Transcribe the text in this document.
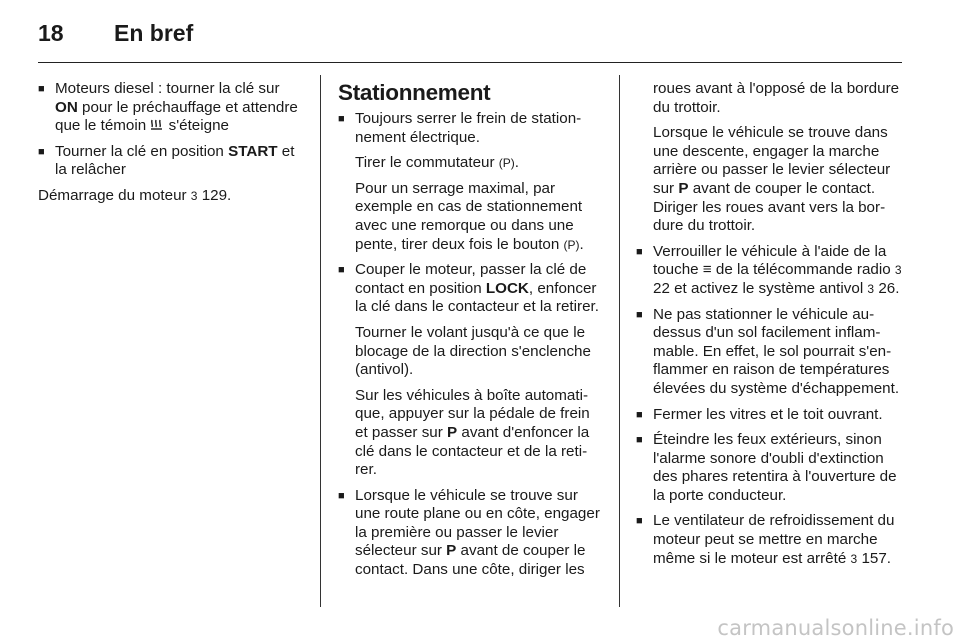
18	En bref
■ Moteurs diesel : tourner la clé sur ON pour le préchauffage et attendre que le témoin  s'éteigne
■ Tourner la clé en position START et la relâcher

Démarrage du moteur 3 129.

Stationnement
■ Toujours serrer le frein de stationnement électrique.

Tirer le commutateur (P).

Pour un serrage maximal, par exemple en cas de stationnement avec une remorque ou dans une pente, tirer deux fois le bouton (P).

■ Couper le moteur, passer la clé de contact en position LOCK, enfoncer la clé dans le contacteur et la retirer.

Tourner le volant jusqu'à ce que le blocage de la direction s'enclenche (antivol).

Sur les véhicules à boîte automatique, appuyer sur la pédale de frein et passer sur P avant d'enfoncer la clé dans le contacteur et de la retirer.

■ Lorsque le véhicule se trouve sur une route plane ou en côte, engager la première ou passer le levier sélecteur sur P avant de couper le contact. Dans une côte, diriger les

roues avant à l'opposé de la bordure du trottoir.

Lorsque le véhicule se trouve dans une descente, engager la marche arrière ou passer le levier sélecteur sur P avant de couper le contact. Diriger les roues avant vers la bordure du trottoir.

■ Verrouiller le véhicule à l'aide de la touche ≡ de la télécommande radio 3 22 et activez le système antivol 3 26.
■ Ne pas stationner le véhicule au-dessus d'un sol facilement inflammable. En effet, le sol pourrait s'enflammer en raison de températures élevées du système d'échappement.
■ Fermer les vitres et le toit ouvrant.
■ Éteindre les feux extérieurs, sinon l'alarme sonore d'oubli d'extinction des phares retentira à l'ouverture de la porte conducteur.
■ Le ventilateur de refroidissement du moteur peut se mettre en marche même si le moteur est arrêté 3 157.
carmanualsonline.info
